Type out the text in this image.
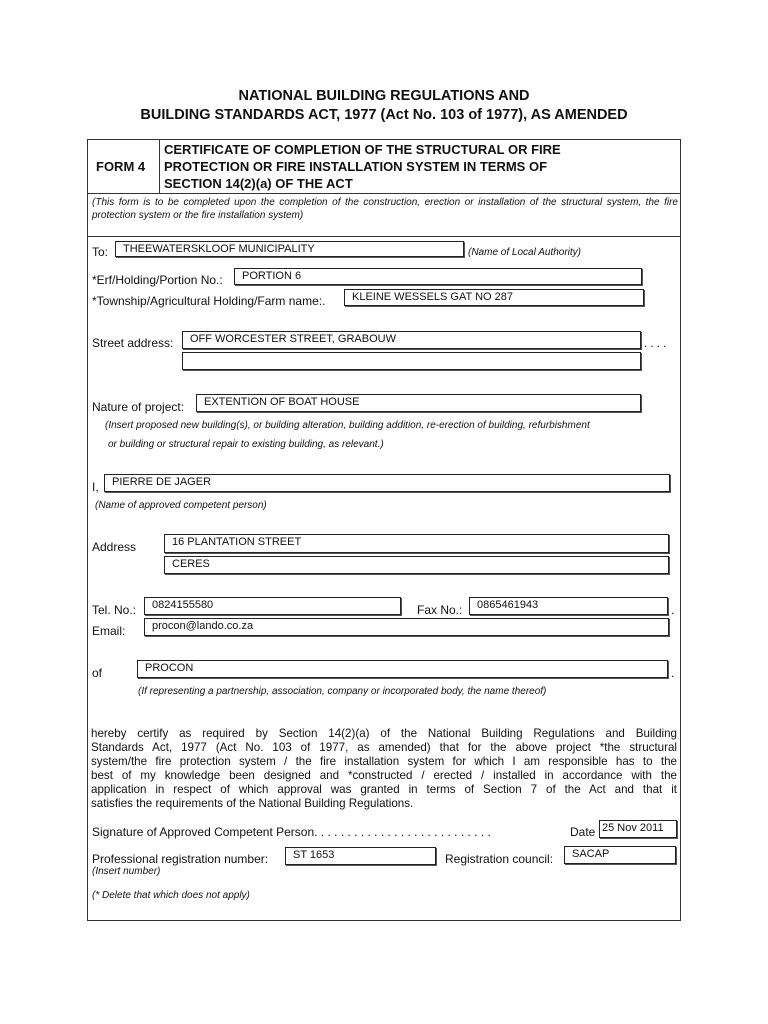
NATIONAL BUILDING REGULATIONS AND
BUILDING STANDARDS ACT, 1977 (Act No. 103 of 1977), AS AMENDED
FORM 4
CERTIFICATE OF COMPLETION OF THE STRUCTURAL OR FIRE
PROTECTION OR FIRE INSTALLATION SYSTEM IN TERMS OF
SECTION 14(2)(a) OF THE ACT
(This form is to be completed upon the completion of the construction, erection or installation of the structural system, the fire protection system or the fire installation system)
To:	THEEWATERSKLOOF MUNICIPALITY	(Name of Local Authority)
*Erf/Holding/Portion No.:	PORTION 6
*Township/Agricultural Holding/Farm name:.	KLEINE WESSELS GAT NO 287
Street address:	OFF WORCESTER STREET, GRABOUW	....
Nature of project:	EXTENTION OF BOAT HOUSE
(Insert proposed new building(s), or building alteration, building addition, re-erection of building, refurbishment
or building or structural repair to existing building, as relevant.)
I,	PIERRE DE JAGER
(Name of approved competent person)
Address	16 PLANTATION STREET
CERES
Tel. No.:	0824155580	Fax No.:	0865461943	.
Email:	procon@lando.co.za
of	PROCON	.
(If representing a partnership, association, company or incorporated body, the name thereof)
hereby certify as required by Section 14(2)(a) of the National Building Regulations and Building
Standards Act, 1977 (Act No. 103 of 1977, as amended) that for the above project *the structural
system/the fire protection system / the fire installation system for which I am responsible has to the
best of my knowledge been designed and *constructed / erected / installed in accordance with the
application in respect of which approval was granted in terms of Section 7 of the Act and that it
satisfies the requirements of the National Building Regulations.
Signature of Approved Competent Person. . . . . . . . . . . . . . . . . . . . . . . . . . .	Date 25 Nov 2011
Professional registration number:	ST 1653	Registration council:	SACAP
(Insert number)
(* Delete that which does not apply)
